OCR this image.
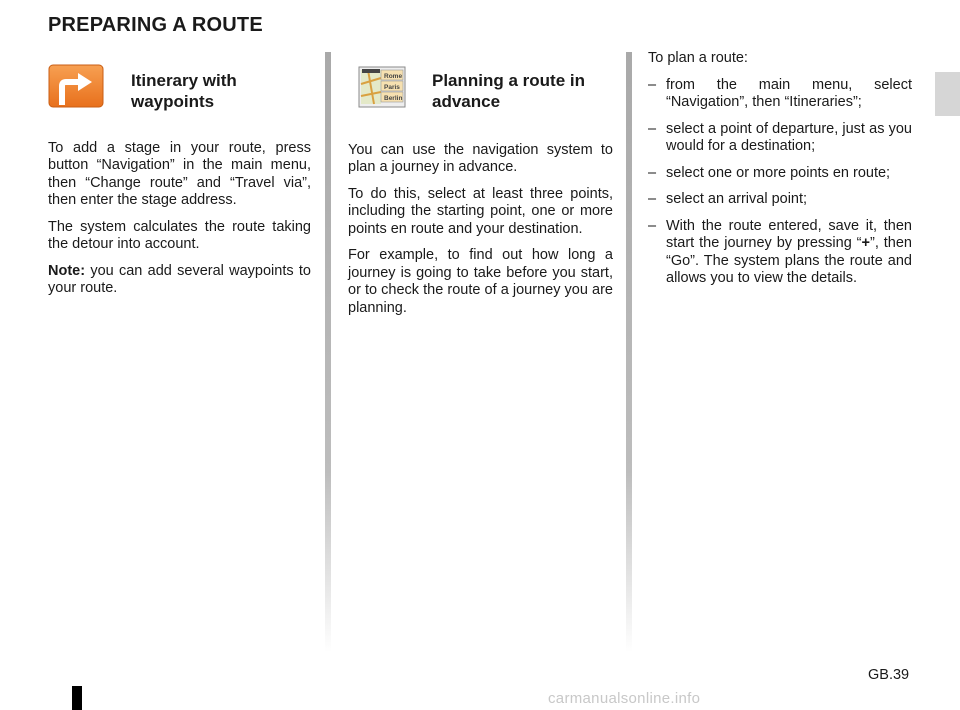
PREPARING A ROUTE
Itinerary with waypoints

To add a stage in your route, press button “Navigation” in the main menu, then “Change route” and “Travel via”, then enter the stage address.

The system calculates the route taking the detour into account.

Note: you can add several waypoints to your route.

Rome
Paris
Berlin
Planning a route in advance

You can use the navigation system to plan a journey in advance.

To do this, select at least three points, including the starting point, one or more points en route and your destination.

For example, to find out how long a journey is going to take before you start, or to check the route of a journey you are planning.

To plan a route:

– from the main menu, select “Navigation”, then “Itineraries”;
– select a point of departure, just as you would for a destination;
– select one or more points en route;
– select an arrival point;
– With the route entered, save it, then start the journey by pressing “+”, then “Go”. The system plans the route and allows you to view the details.
GB.39
carmanualsonline.info
